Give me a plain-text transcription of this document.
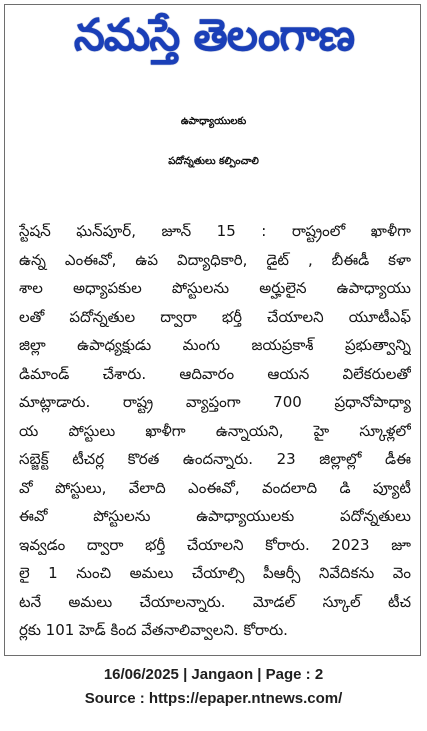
నమస్తే తెలంగాణ
ఉపాధ్యాయులకు
పదోన్నతులు కల్పించాలి
స్టేషన్ ఘన్‌పూర్, జూన్ 15 : రాష్ట్రంలో ఖాళీగా
ఉన్న ఎంఈవో, ఉప విద్యాధికారి, డైట్ , బీఈడీ కళా
శాల అధ్యాపకుల పోస్టులను అర్హులైన ఉపాధ్యాయు
లతో పదోన్నతుల ద్వారా భర్తీ చేయాలని యూటీఎఫ్
జిల్లా ఉపాధ్యక్షుడు మంగు జయప్రకాశ్ ప్రభుత్వాన్ని
డిమాండ్ చేశారు. ఆదివారం ఆయన విలేకరులతో
మాట్లాడారు. రాష్ట్ర వ్యాప్తంగా 700 ప్రధానోపాధ్యా
య పోస్టులు ఖాళీగా ఉన్నాయని, హై స్కూళ్లలో
సబ్జెక్ట్ టీచర్ల కొరత ఉందన్నారు. 23 జిల్లాల్లో డీఈ
వో పోస్టులు, వేలాది ఎంఈవో, వందలాది డి ప్యూటీ
ఈవో పోస్టులను ఉపాధ్యాయులకు పదోన్నతులు
ఇవ్వడం ద్వారా భర్తీ చేయాలని కోరారు. 2023 జూ
లై 1 నుంచి అమలు చేయాల్సి పీఆర్సీ నివేదికను వెం
టనే అమలు చేయాలన్నారు. మోడల్ స్కూల్ టీచ
ర్లకు 101 హెడ్ కింద వేతనాలివ్వాలని. కోరారు.
16/06/2025 | Jangaon | Page : 2
Source : https://epaper.ntnews.com/
